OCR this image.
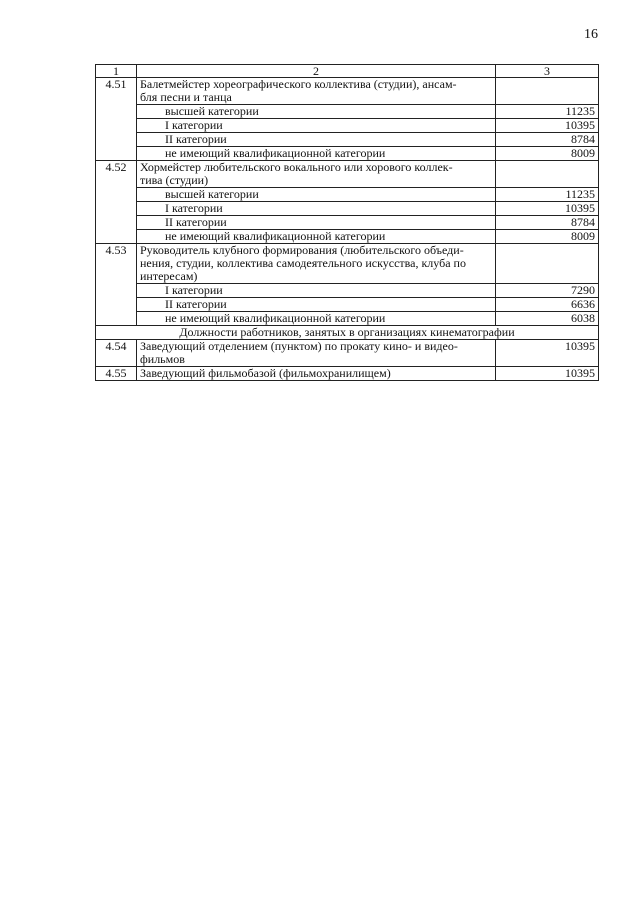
16
1	2	3
4.51	Балетмейстер хореографического коллектива (студии), ансам-
бля песни и танца	

	высшей категории	11235
	I категории	10395
	II категории	8784
	не имеющий квалификационной категории	8009
4.52	Хормейстер любительского вокального или хорового коллек-
тива (студии)	

	высшей категории	11235
	I категории	10395
	II категории	8784
	не имеющий квалификационной категории	8009
4.53	Руководитель клубного формирования (любительского объеди-
нения, студии, коллектива самодеятельного искусства, клуба по
интересам)	

	I категории	7290
	II категории	6636
	не имеющий квалификационной категории	6038
Должности работников, занятых в организациях кинематографии		
4.54	Заведующий отделением (пунктом) по прокату кино- и видео-
фильмов	10395
4.55	Заведующий фильмобазой (фильмохранилищем)	10395
